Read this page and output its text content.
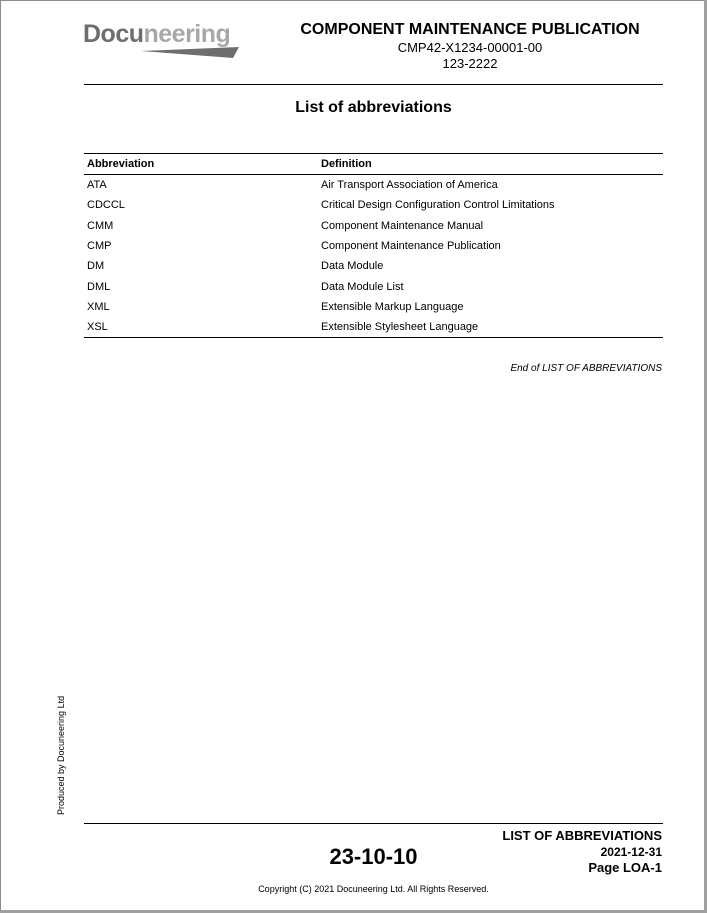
Docuneering	COMPONENT MAINTENANCE PUBLICATION
CMP42-X1234-00001-00
123-2222
List of abbreviations
Abbreviation	Definition
ATA	Air Transport Association of America
CDCCL	Critical Design Configuration Control Limitations
CMM	Component Maintenance Manual
CMP	Component Maintenance Publication
DM	Data Module
DML	Data Module List
XML	Extensible Markup Language
XSL	Extensible Stylesheet Language
End of LIST OF ABBREVIATIONS
Produced by Docuneering Ltd
LIST OF ABBREVIATIONS
23-10-10	2021-12-31
Page LOA-1
Copyright (C) 2021 Docuneering Ltd. All Rights Reserved.
